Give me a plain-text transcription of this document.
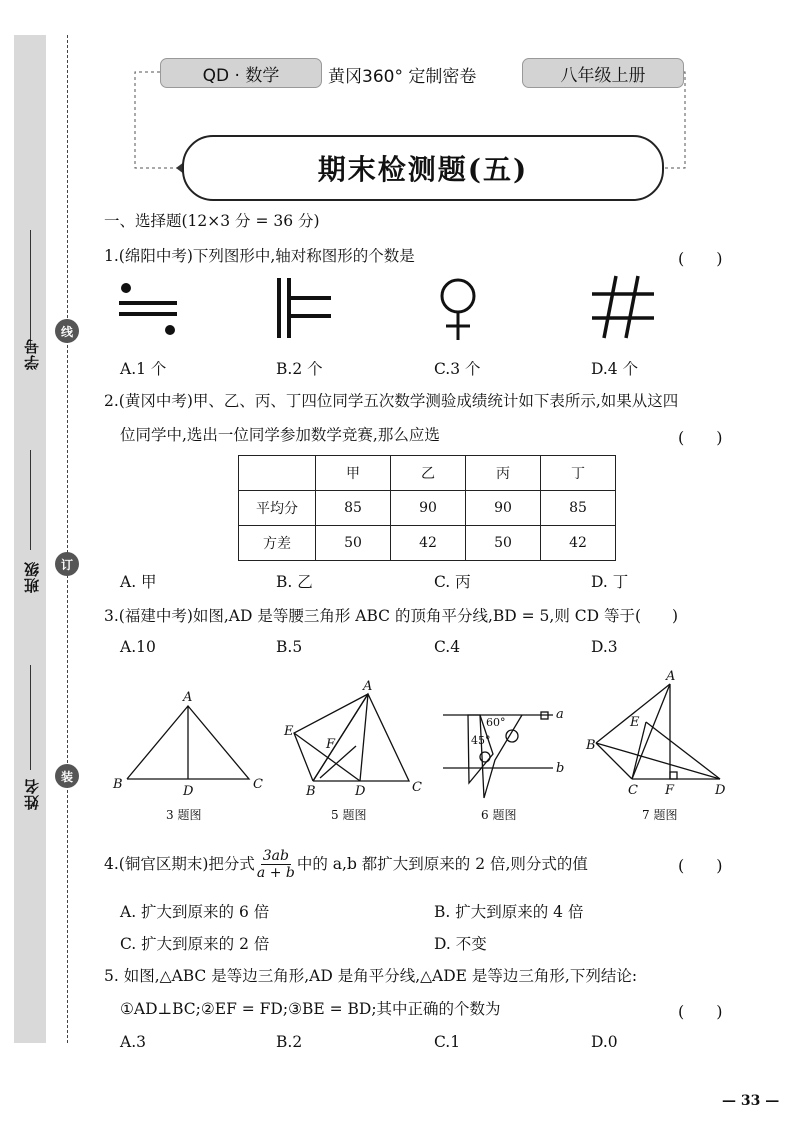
学号
班级
姓名
线
订
装
QD · 数学	黄冈360° 定制密卷	八年级上册
期末检测题(五)
一、选择题(12×3 分 = 36 分)
1.(绵阳中考)下列图形中,轴对称图形的个数是	(　　)
A.1 个	B.2 个	C.3 个	D.4 个
2.(黄冈中考)甲、乙、丙、丁四位同学五次数学测验成绩统计如下表所示,如果从这四
位同学中,选出一位同学参加数学竞赛,那么应选	(　　)
	甲	乙	丙	丁
平均分	85	90	90	85
方差	50	42	50	42
A. 甲	B. 乙	C. 丙	D. 丁
3.(福建中考)如图,AD 是等腰三角形 ABC 的顶角平分线,BD = 5,则 CD 等于(　　)
A.10	B.5	C.4	D.3
A
B	D	C
3 题图
A
E
F
B	D	C
5 题图
a
b
60°
45°
6 题图
A
E
B
C F	D
7 题图
4.(铜官区期末)把分式 $\frac{3ab}{a + b}$ 中的 a,b 都扩大到原来的 2 倍,则分式的值	(　　)
A. 扩大到原来的 6 倍	B. 扩大到原来的 4 倍
C. 扩大到原来的 2 倍	D. 不变
5. 如图,△ABC 是等边三角形,AD 是角平分线,△ADE 是等边三角形,下列结论:
①AD⊥BC;②EF = FD;③BE = BD;其中正确的个数为	(　　)
A.3	B.2	C.1	D.0
— 33 —
